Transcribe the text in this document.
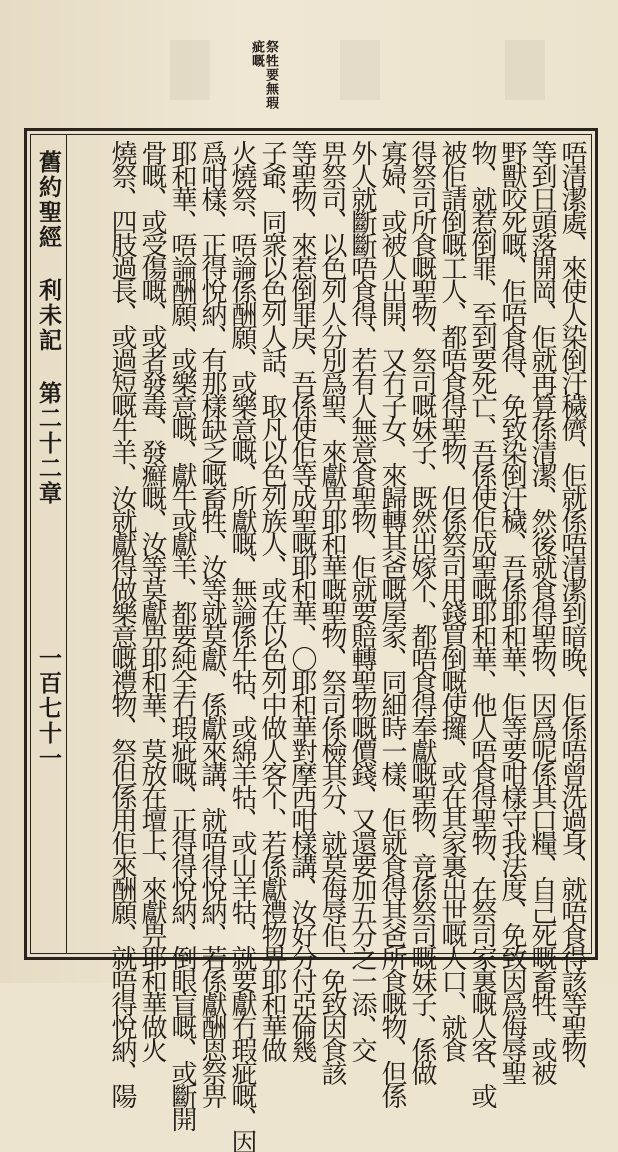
祭牲要無瑕
疵嘅
舊約聖經利未記第二十二章一百七十一	唔清潔處、來使人染倒汙穢儕、佢就係唔清潔到暗晚、佢係唔曾洗過身、就唔食得該等聖物、
等到日頭落開岡、佢就再算係清潔、然後就食得聖物、因爲呢係其口糧、自己死嘅畜牲、或被
野獸咬死嘅、佢唔食得、免致染倒汙穢、吾係耶和華、佢等要咁樣守我法度、免致因爲侮辱聖
物、就惹倒罪、至到要死亡、吾係使佢成聖嘅耶和華、他人唔食得聖物、在祭司家裏嘅人客、或
被佢請倒嘅工人、都唔食得聖物、但係祭司用錢買倒嘅使攞、或在其家裏出世嘅人口、就食
得祭司所食嘅聖物、祭司嘅妹子、既然出嫁个、都唔食得奉獻嘅聖物、竟係祭司嘅妹子、係做
寡婦、或被人出開、又冇子女、來歸轉其爸嘅屋家、同細時一樣、佢就食得其爸所食嘅物、但係
外人就斷斷唔食得、若有人無意食聖物、佢就要賠轉聖物嘅價錢、又還要加五分之一添、交
畀祭司、以色列人分別爲聖、來獻畀耶和華嘅聖物、祭司係檢其分、就莫侮辱佢、免致因食該
等聖物、來惹倒罪戾、吾係使佢等成聖嘅耶和華、〇耶和華對摩西咁樣講、汝好分付亞倫幾
子爺、同衆以色列人話、取凡以色列族人、或在以色列中做人客个、若係獻禮物畀耶和華做
火燒祭、唔論係酬願、或樂意嘅、所獻嘅、無論係牛牯、或綿羊牯、或山羊牯、就要獻冇瑕疵嘅、因
爲咁樣、正得悅納、有那樣缺乏嘅畜牲、汝等就莫獻、係獻來講、就唔得悅納、若係獻酬恩祭畀
耶和華、唔論酬願、或樂意嘅、獻牛或獻羊、都要純全冇瑕疵嘅、正得得悅納、倒眼盲嘅、或斷開
骨嘅、或受傷嘅、或者發毒、發癬嘅、汝等莫獻畀耶和華、莫放在壇上、來獻畀耶和華做火
燒祭、四肢過長、或過短嘅牛羊、汝就獻得做樂意嘅禮物、祭但係用佢來酬願、就唔得悅納、陽
